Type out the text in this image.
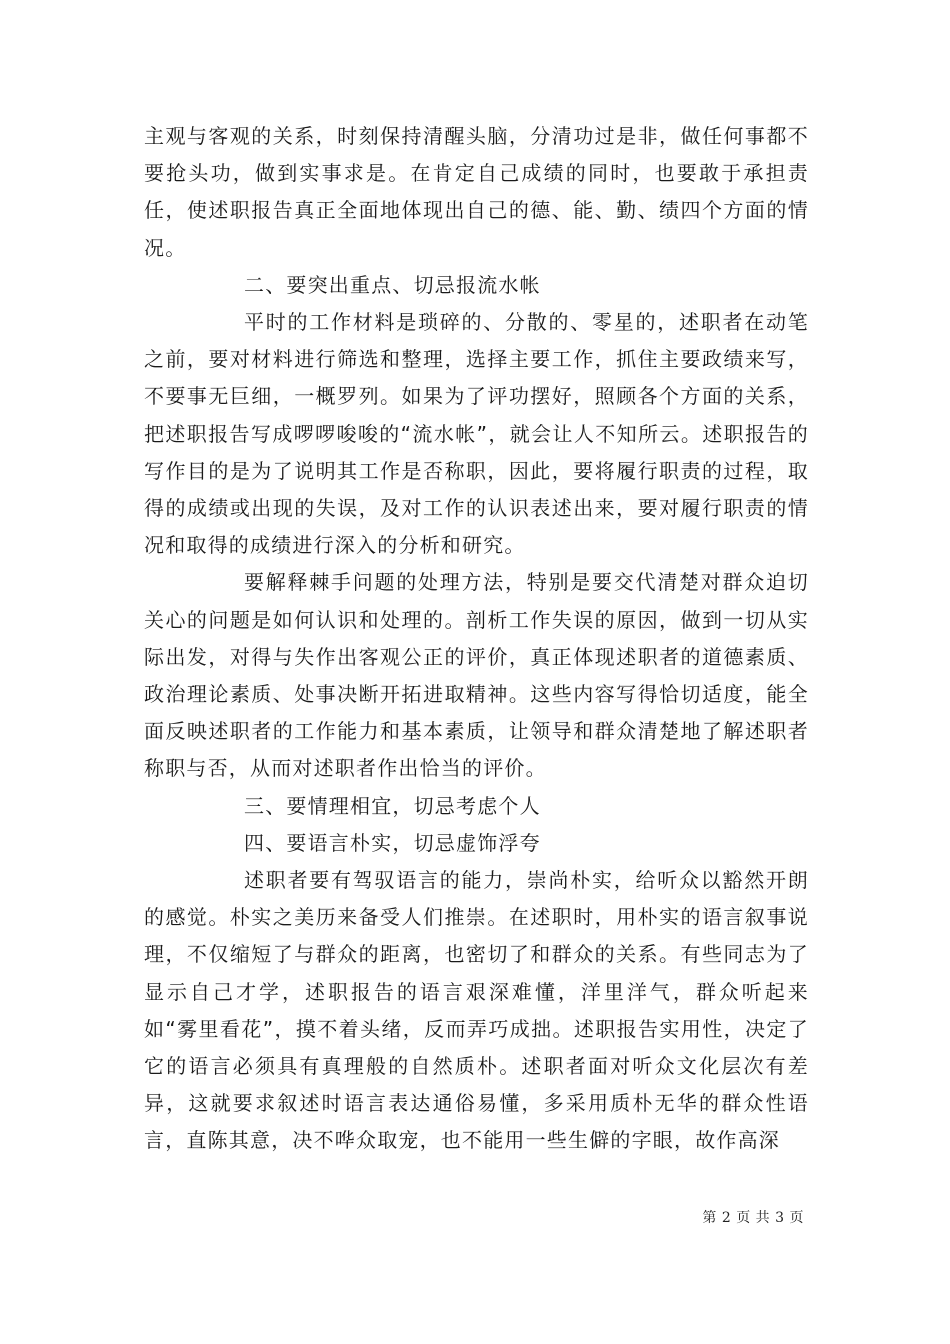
主观与客观的关系，时刻保持清醒头脑，分清功过是非，做任何事都不要抢头功，做到实事求是。在肯定自己成绩的同时，也要敢于承担责任，使述职报告真正全面地体现出自己的德、能、勤、绩四个方面的情况。

二、要突出重点、切忌报流水帐

平时的工作材料是琐碎的、分散的、零星的，述职者在动笔之前，要对材料进行筛选和整理，选择主要工作，抓住主要政绩来写，不要事无巨细，一概罗列。如果为了评功摆好，照顾各个方面的关系，把述职报告写成啰啰唆唆的“流水帐”，就会让人不知所云。述职报告的写作目的是为了说明其工作是否称职，因此，要将履行职责的过程，取得的成绩或出现的失误，及对工作的认识表述出来，要对履行职责的情况和取得的成绩进行深入的分析和研究。

要解释棘手问题的处理方法，特别是要交代清楚对群众迫切关心的问题是如何认识和处理的。剖析工作失误的原因，做到一切从实际出发，对得与失作出客观公正的评价，真正体现述职者的道德素质、政治理论素质、处事决断开拓进取精神。这些内容写得恰切适度，能全面反映述职者的工作能力和基本素质，让领导和群众清楚地了解述职者称职与否，从而对述职者作出恰当的评价。

三、要情理相宜，切忌考虑个人

四、要语言朴实，切忌虚饰浮夸

述职者要有驾驭语言的能力，崇尚朴实，给听众以豁然开朗的感觉。朴实之美历来备受人们推崇。在述职时，用朴实的语言叙事说理，不仅缩短了与群众的距离，也密切了和群众的关系。有些同志为了显示自己才学，述职报告的语言艰深难懂，洋里洋气，群众听起来如“雾里看花”，摸不着头绪，反而弄巧成拙。述职报告实用性，决定了它的语言必须具有真理般的自然质朴。述职者面对听众文化层次有差异，这就要求叙述时语言表达通俗易懂，多采用质朴无华的群众性语言，直陈其意，决不哗众取宠，也不能用一些生僻的字眼，故作高深

第 2 页 共 3 页
